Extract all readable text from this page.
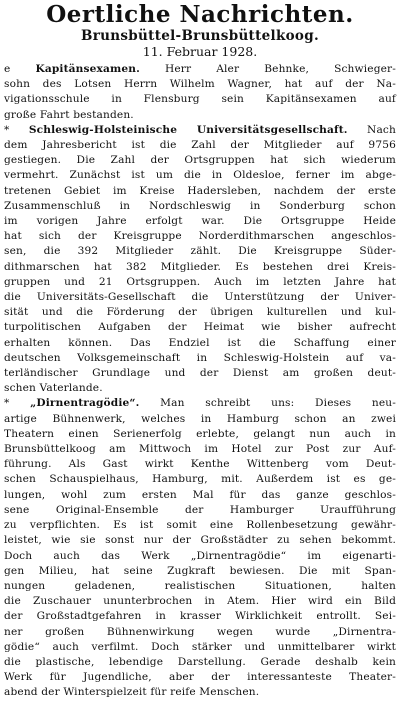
Oertliche Nachrichten.
Brunsbüttel-Brunsbüttelkoog.
11. Februar 1928.
e Kapitänsexamen. Herr Aler Behnke, Schwieger-
sohn des Lotsen Herrn Wilhelm Wagner, hat auf der Na-
vigationsschule in Flensburg sein Kapitänsexamen auf
große Fahrt bestanden.
* Schleswig-Holsteinische Universitätsgesellschaft. Nach
dem Jahresbericht ist die Zahl der Mitglieder auf 9756
gestiegen. Die Zahl der Ortsgruppen hat sich wiederum
vermehrt. Zunächst ist um die in Oldesloe, ferner im abge-
tretenen Gebiet im Kreise Hadersleben, nachdem der erste
Zusammenschluß in Nordschleswig in Sonderburg schon
im vorigen Jahre erfolgt war. Die Ortsgruppe Heide
hat sich der Kreisgruppe Norderdithmarschen angeschlos-
sen, die 392 Mitglieder zählt. Die Kreisgruppe Süder-
dithmarschen hat 382 Mitglieder. Es bestehen drei Kreis-
gruppen und 21 Ortsgruppen. Auch im letzten Jahre hat
die Universitäts-Gesellschaft die Unterstützung der Univer-
sität und die Förderung der übrigen kulturellen und kul-
turpolitischen Aufgaben der Heimat wie bisher aufrecht
erhalten können. Das Endziel ist die Schaffung einer
deutschen Volksgemeinschaft in Schleswig-Holstein auf va-
terländischer Grundlage und der Dienst am großen deut-
schen Vaterlande.
* „Dirnentragödie“. Man schreibt uns: Dieses neu-
artige Bühnenwerk, welches in Hamburg schon an zwei
Theatern einen Serienerfolg erlebte, gelangt nun auch in
Brunsbüttelkoog am Mittwoch im Hotel zur Post zur Auf-
führung. Als Gast wirkt Kenthe Wittenberg vom Deut-
schen Schauspielhaus, Hamburg, mit. Außerdem ist es ge-
lungen, wohl zum ersten Mal für das ganze geschlos-
sene Original-Ensemble der Hamburger Uraufführung
zu verpflichten. Es ist somit eine Rollenbesetzung gewähr-
leistet, wie sie sonst nur der Großstädter zu sehen bekommt.
Doch auch das Werk „Dirnentragödie“ im eigenarti-
gen Milieu, hat seine Zugkraft bewiesen. Die mit Span-
nungen geladenen, realistischen Situationen, halten
die Zuschauer ununterbrochen in Atem. Hier wird ein Bild
der Großstadtgefahren in krasser Wirklichkeit entrollt. Sei-
ner großen Bühnenwirkung wegen wurde „Dirnentra-
gödie“ auch verfilmt. Doch stärker und unmittelbarer wirkt
die plastische, lebendige Darstellung. Gerade deshalb kein
Werk für Jugendliche, aber der interessanteste Theater-
abend der Winterspielzeit für reife Menschen.
